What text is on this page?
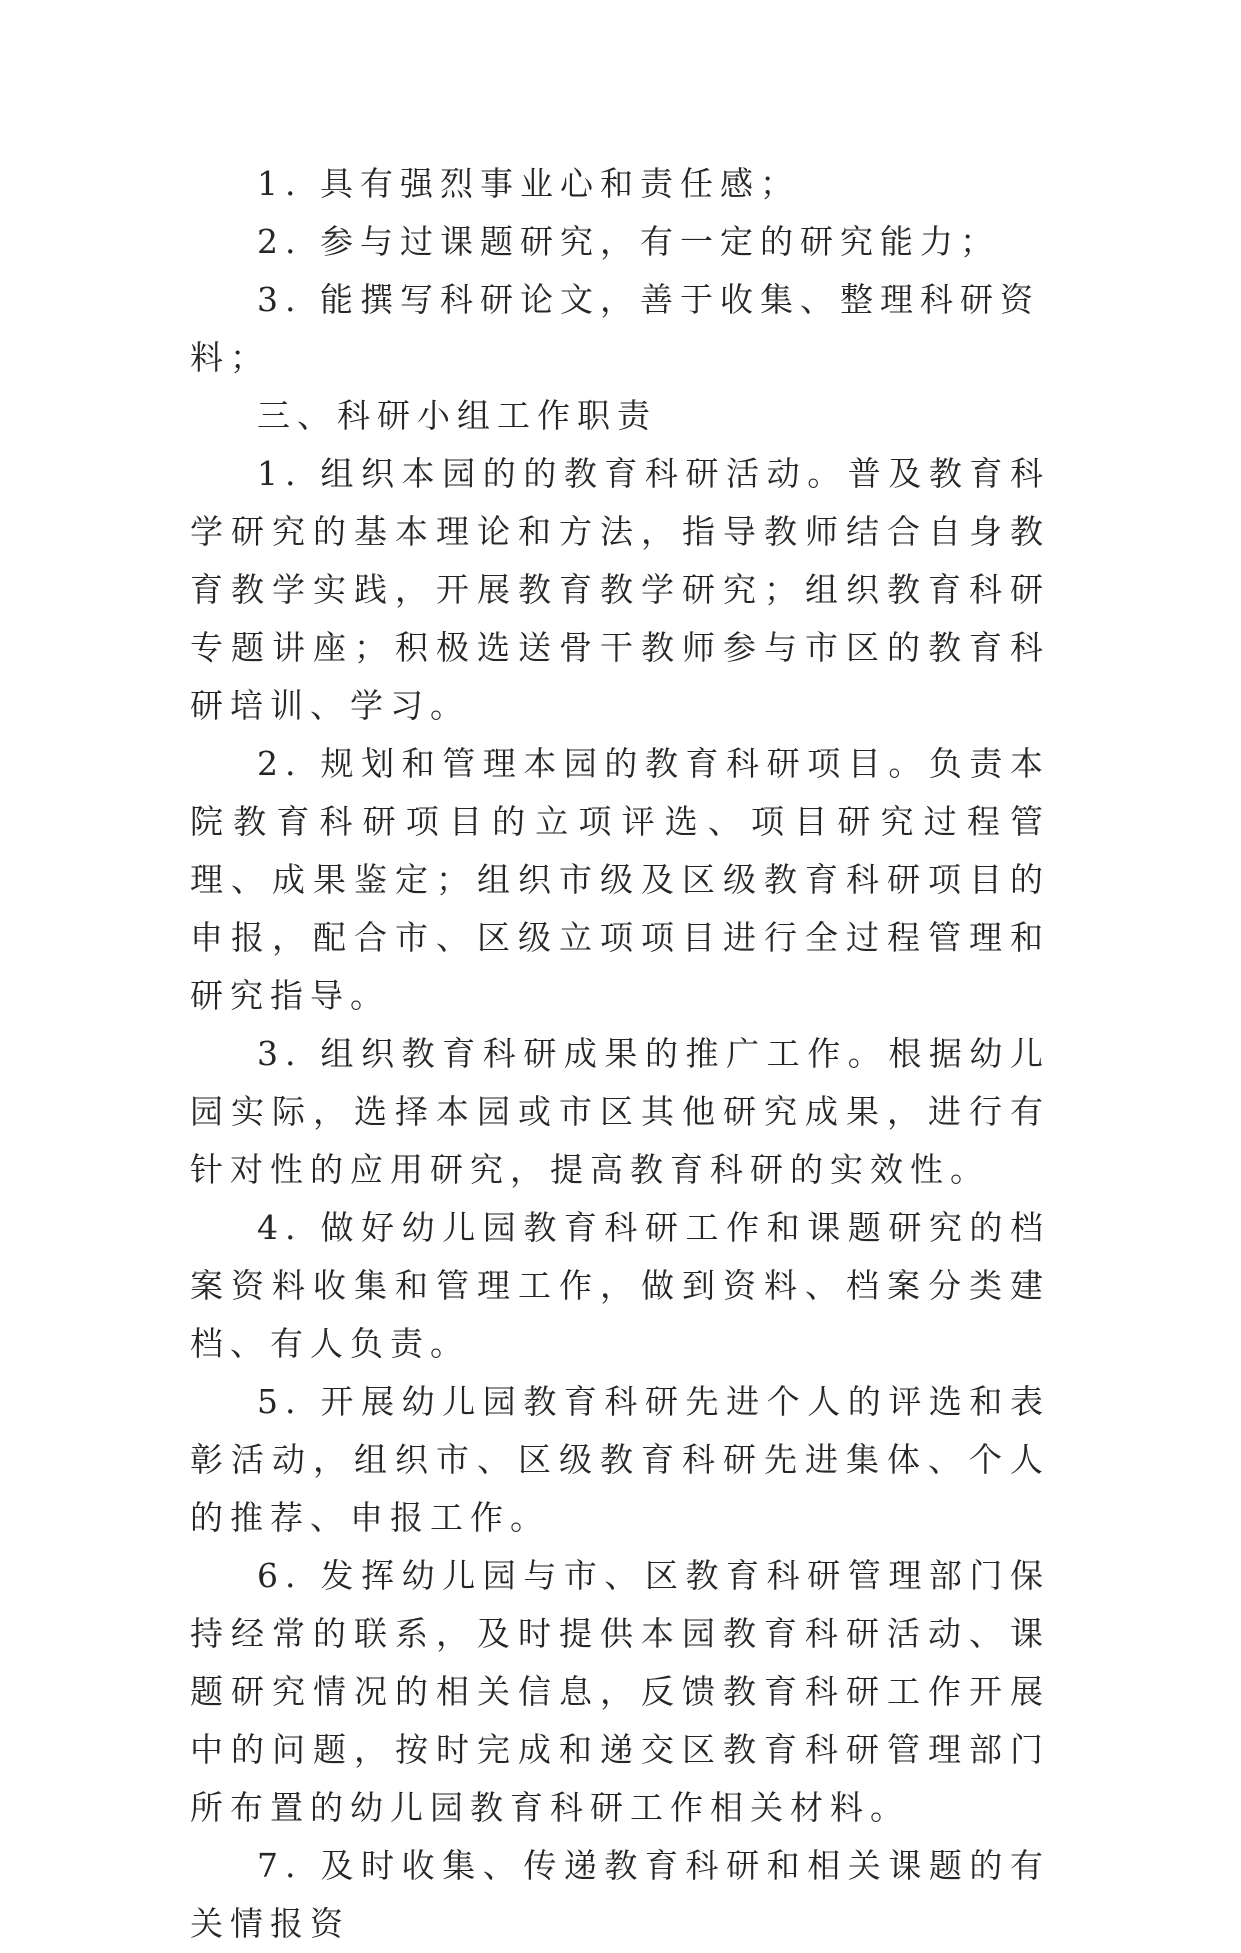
1. 具有强烈事业心和责任感；

2. 参与过课题研究，有一定的研究能力；

3. 能撰写科研论文，善于收集、整理科研资料；

三、科研小组工作职责

1. 组织本园的的教育科研活动。普及教育科学研究的基本理论和方法，指导教师结合自身教育教学实践，开展教育教学研究；组织教育科研专题讲座；积极选送骨干教师参与市区的教育科研培训、学习。

2. 规划和管理本园的教育科研项目。负责本院教育科研项目的立项评选、项目研究过程管理、成果鉴定；组织市级及区级教育科研项目的申报，配合市、区级立项项目进行全过程管理和研究指导。

3. 组织教育科研成果的推广工作。根据幼儿园实际，选择本园或市区其他研究成果，进行有针对性的应用研究，提高教育科研的实效性。

4. 做好幼儿园教育科研工作和课题研究的档案资料收集和管理工作，做到资料、档案分类建档、有人负责。

5. 开展幼儿园教育科研先进个人的评选和表彰活动，组织市、区级教育科研先进集体、个人的推荐、申报工作。

6. 发挥幼儿园与市、区教育科研管理部门保持经常的联系，及时提供本园教育科研活动、课题研究情况的相关信息，反馈教育科研工作开展中的问题，按时完成和递交区教育科研管理部门所布置的幼儿园教育科研工作相关材料。

7. 及时收集、传递教育科研和相关课题的有关情报资
